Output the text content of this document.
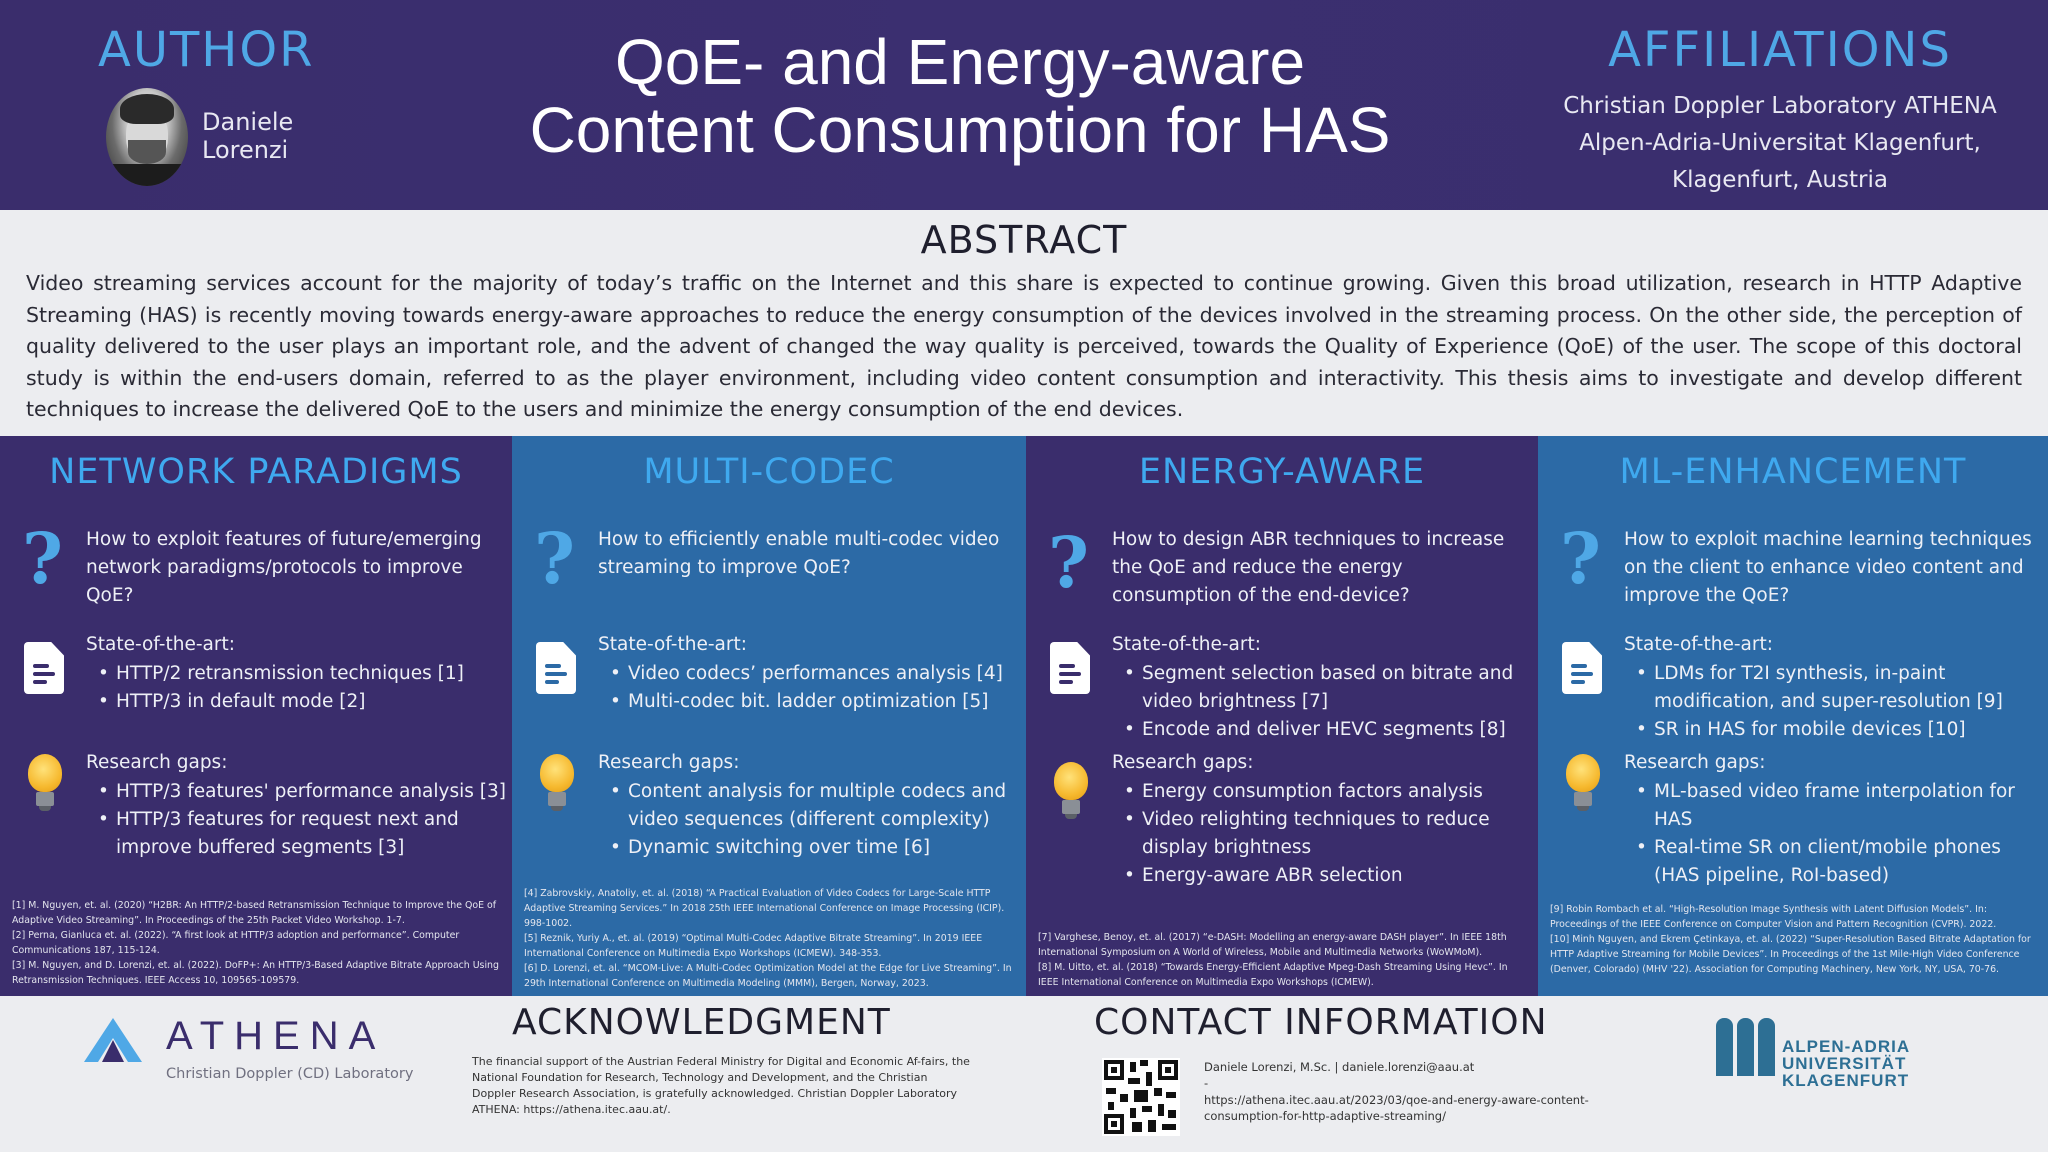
AUTHOR
Daniele
Lorenzi
QoE- and Energy-aware
Content Consumption for HAS
AFFILIATIONS
Christian Doppler Laboratory ATHENA
Alpen-Adria-Universitat Klagenfurt,
Klagenfurt, Austria
ABSTRACT
Video streaming services account for the majority of today’s traffic on the Internet and this share is expected to continue growing. Given this broad utilization, research in HTTP Adaptive Streaming (HAS) is recently moving towards energy-aware approaches to reduce the energy consumption of the devices involved in the streaming process. On the other side, the perception of quality delivered to the user plays an important role, and the advent of changed the way quality is perceived, towards the Quality of Experience (QoE) of the user. The scope of this doctoral study is within the end-users domain, referred to as the player environment, including video content consumption and interactivity. This thesis aims to investigate and develop different techniques to increase the delivered QoE to the users and minimize the energy consumption of the end devices.
NETWORK PARADIGMS
? How to exploit features of future/emerging network paradigms/protocols to improve QoE?
State-of-the-art:
• HTTP/2 retransmission techniques [1]
• HTTP/3 in default mode [2]
Research gaps:
• HTTP/3 features' performance analysis [3]
• HTTP/3 features for request next and improve buffered segments [3]
[1] M. Nguyen, et. al. (2020) “H2BR: An HTTP/2-based Retransmission Technique to Improve the QoE of Adaptive Video Streaming”. In Proceedings of the 25th Packet Video Workshop. 1-7.
[2] Perna, Gianluca et. al. (2022). “A first look at HTTP/3 adoption and performance”. Computer Communications 187, 115-124.
[3] M. Nguyen, and D. Lorenzi, et. al. (2022). DoFP+: An HTTP/3-Based Adaptive Bitrate Approach Using Retransmission Techniques. IEEE Access 10, 109565-109579.
MULTI-CODEC
? How to efficiently enable multi-codec video streaming to improve QoE?
State-of-the-art:
• Video codecs’ performances analysis [4]
• Multi-codec bit. ladder optimization [5]
Research gaps:
• Content analysis for multiple codecs and video sequences (different complexity)
• Dynamic switching over time [6]
[4] Zabrovskiy, Anatoliy, et. al. (2018) “A Practical Evaluation of Video Codecs for Large-Scale HTTP Adaptive Streaming Services.” In 2018 25th IEEE International Conference on Image Processing (ICIP). 998-1002.
[5] Reznik, Yuriy A., et. al. (2019) “Optimal Multi-Codec Adaptive Bitrate Streaming”. In 2019 IEEE International Conference on Multimedia Expo Workshops (ICMEW). 348-353.
[6] D. Lorenzi, et. al. “MCOM-Live: A Multi-Codec Optimization Model at the Edge for Live Streaming”. In 29th International Conference on Multimedia Modeling (MMM), Bergen, Norway, 2023.
ENERGY-AWARE
? How to design ABR techniques to increase the QoE and reduce the energy consumption of the end-device?
State-of-the-art:
• Segment selection based on bitrate and video brightness [7]
• Encode and deliver HEVC segments [8]
Research gaps:
• Energy consumption factors analysis
• Video relighting techniques to reduce display brightness
• Energy-aware ABR selection
[7] Varghese, Benoy, et. al. (2017) “e-DASH: Modelling an energy-aware DASH player”. In IEEE 18th International Symposium on A World of Wireless, Mobile and Multimedia Networks (WoWMoM).
[8] M. Uitto, et. al. (2018) “Towards Energy-Efficient Adaptive Mpeg-Dash Streaming Using Hevc”. In IEEE International Conference on Multimedia Expo Workshops (ICMEW).
ML-ENHANCEMENT
? How to exploit machine learning techniques on the client to enhance video content and improve the QoE?
State-of-the-art:
• LDMs for T2I synthesis, in-paint modification, and super-resolution [9]
• SR in HAS for mobile devices [10]
Research gaps:
• ML-based video frame interpolation for HAS
• Real-time SR on client/mobile phones (HAS pipeline, RoI-based)
[9] Robin Rombach et al. “High-Resolution Image Synthesis with Latent Diffusion Models”. In: Proceedings of the IEEE Conference on Computer Vision and Pattern Recognition (CVPR). 2022.
[10] Minh Nguyen, and Ekrem Çetinkaya, et. al. (2022) “Super-Resolution Based Bitrate Adaptation for HTTP Adaptive Streaming for Mobile Devices”. In Proceedings of the 1st Mile-High Video Conference (Denver, Colorado) (MHV '22). Association for Computing Machinery, New York, NY, USA, 70-76.
ATHENA
Christian Doppler (CD) Laboratory
ACKNOWLEDGMENT
The financial support of the Austrian Federal Ministry for Digital and Economic Af-fairs, the National Foundation for Research, Technology and Development, and the Christian Doppler Research Association, is gratefully acknowledged. Christian Doppler Laboratory ATHENA: https://athena.itec.aau.at/.
CONTACT INFORMATION
Daniele Lorenzi, M.Sc. | daniele.lorenzi@aau.at
-
https://athena.itec.aau.at/2023/03/qoe-and-energy-aware-content-consumption-for-http-adaptive-streaming/
ALPEN-ADRIA
UNIVERSITÄT
KLAGENFURT
